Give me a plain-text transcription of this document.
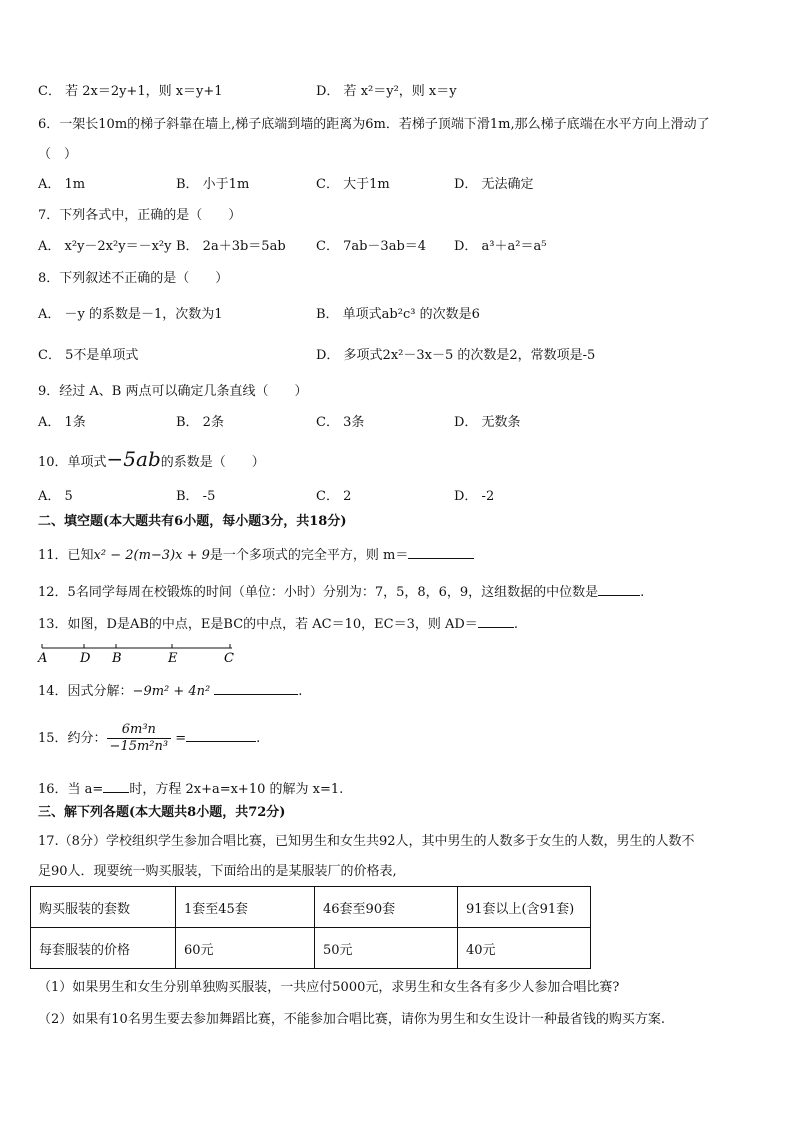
C． 若 2x＝2y+1，则 x＝y+1	D． 若 x²＝y²，则 x＝y
6．一架长10m的梯子斜靠在墙上,梯子底端到墙的距离为6m．若梯子顶端下滑1m,那么梯子底端在水平方向上滑动了
（　）
A． 1m	B． 小于1m	C． 大于1m	D． 无法确定
7．下列各式中，正确的是（　　）
A． x²y－2x²y＝－x²y B． 2a＋3b＝5ab C． 7ab－3ab＝4 D． a³＋a²＝a⁵
8．下列叙述不正确的是（　　）
A． －y 的系数是－1，次数为1	B． 单项式ab²c³ 的次数是6
C． 5不是单项式	D． 多项式2x²－3x－5 的次数是2，常数项是-5
9．经过 A、B 两点可以确定几条直线（　　）
A． 1条	B． 2条	C． 3条	D． 无数条
10．单项式−5ab的系数是（　　）
A． 5	B． -5	C． 2	D． -2
二、填空题(本大题共有6小题，每小题3分，共18分)
11．已知x² − 2(m−3)x + 9是一个多项式的完全平方，则 m＝
12．5名同学每周在校锻炼的时间（单位：小时）分别为：7，5，8，6，9，这组数据的中位数是	.
13．如图，D是AB的中点，E是BC的中点，若 AC＝10，EC＝3，则 AD＝	.
A	D B	E	C
14．因式分解：−9m² + 4n²	.
15．约分： $\frac{\text{6m³n}}{\text{−15m²n³}}$ =	.
16．当 a= 时，方程 2x+a=x+10 的解为 x=1.
三、解下列各题(本大题共8小题，共72分)
17.（8分）学校组织学生参加合唱比赛，已知男生和女生共92人，其中男生的人数多于女生的人数，男生的人数不
足90人．现要统一购买服装，下面给出的是某服装厂的价格表,
购买服装的套数	1套至45套	46套至90套	91套以上(含91套)
每套服装的价格	60元	50元	40元
（1）如果男生和女生分别单独购买服装，一共应付5000元，求男生和女生各有多少人参加合唱比赛?
（2）如果有10名男生要去参加舞蹈比赛，不能参加合唱比赛，请你为男生和女生设计一种最省钱的购买方案.
